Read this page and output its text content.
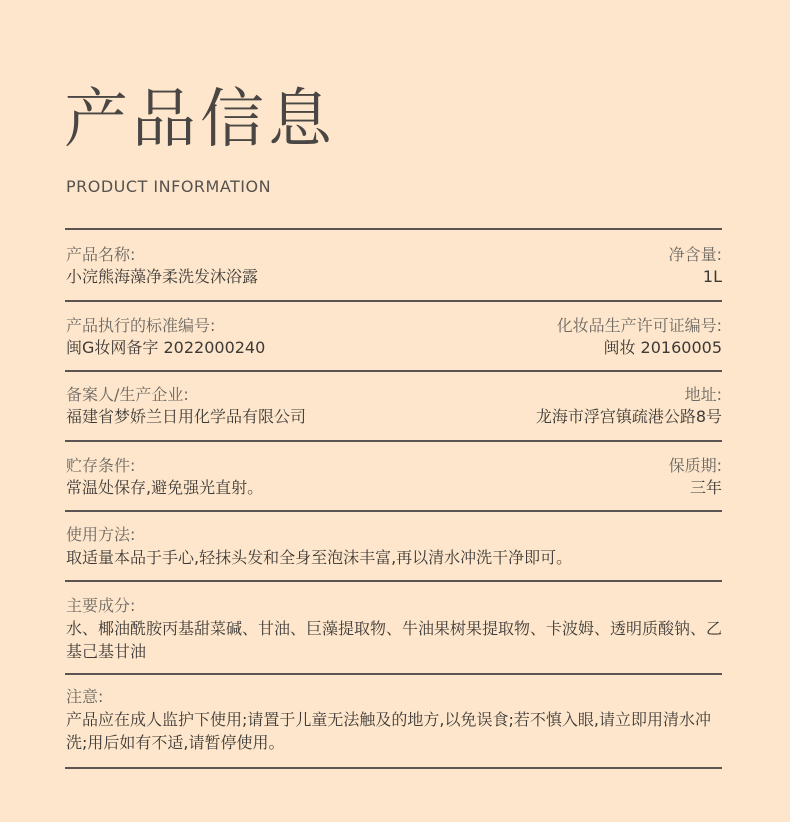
产品信息
PRODUCT INFORMATION
产品名称:	净含量:
小浣熊海藻净柔洗发沐浴露	1L
产品执行的标准编号:	化妆品生产许可证编号:
闽G妆网备字 2022000240	闽妆 20160005
备案人/生产企业:	地址:
福建省梦娇兰日用化学品有限公司	龙海市浮宫镇疏港公路8号
贮存条件:	保质期:
常温处保存,避免强光直射。	三年
使用方法:
取适量本品于手心,轻抹头发和全身至泡沫丰富,再以清水冲洗干净即可。
主要成分:
水、椰油酰胺丙基甜菜碱、甘油、巨藻提取物、牛油果树果提取物、卡波姆、透明质酸钠、乙基己基甘油
注意:
产品应在成人监护下使用;请置于儿童无法触及的地方,以免误食;若不慎入眼,请立即用清水冲洗;用后如有不适,请暂停使用。
